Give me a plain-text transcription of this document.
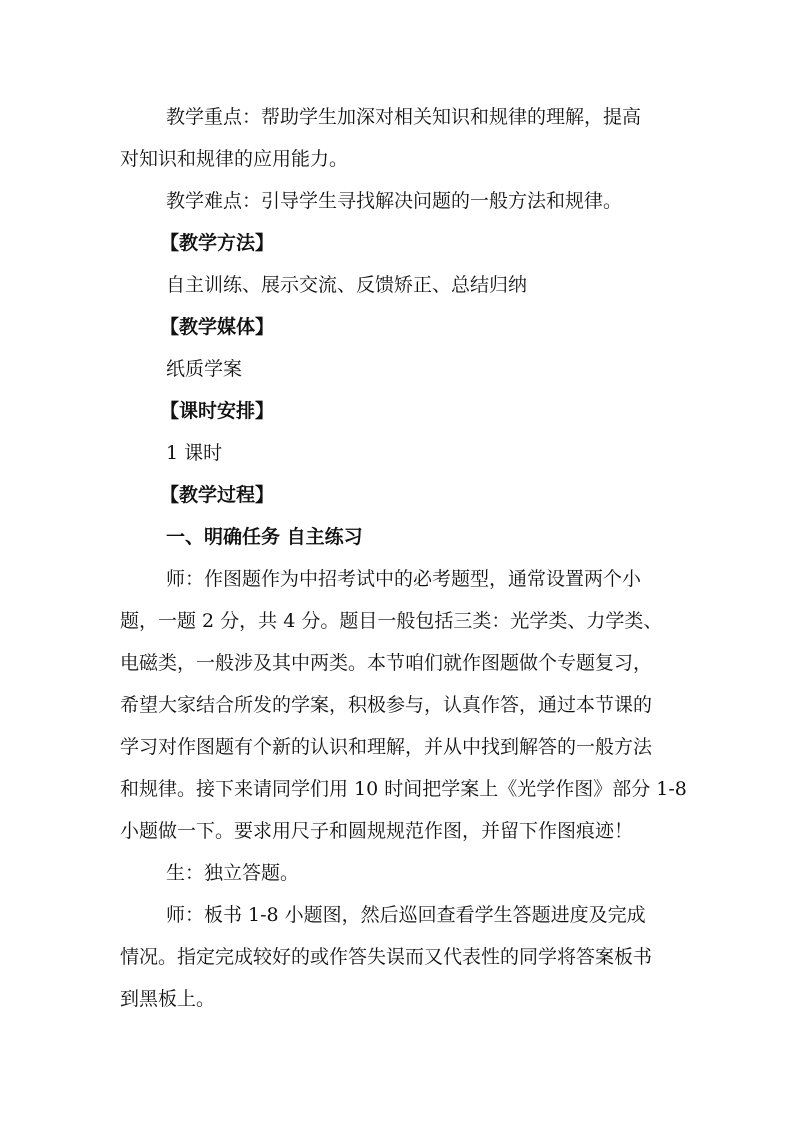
教学重点：帮助学生加深对相关知识和规律的理解，提高
对知识和规律的应用能力。
教学难点：引导学生寻找解决问题的一般方法和规律。
【教学方法】
自主训练、展示交流、反馈矫正、总结归纳
【教学媒体】
纸质学案
【课时安排】
1 课时
【教学过程】
一、明确任务 自主练习
师：作图题作为中招考试中的必考题型，通常设置两个小
题，一题 2 分，共 4 分。题目一般包括三类：光学类、力学类、
电磁类，一般涉及其中两类。本节咱们就作图题做个专题复习，
希望大家结合所发的学案，积极参与，认真作答，通过本节课的
学习对作图题有个新的认识和理解，并从中找到解答的一般方法
和规律。接下来请同学们用 10 时间把学案上《光学作图》部分 1-8
小题做一下。要求用尺子和圆规规范作图，并留下作图痕迹！
生：独立答题。
师：板书 1-8 小题图，然后巡回查看学生答题进度及完成
情况。指定完成较好的或作答失误而又代表性的同学将答案板书
到黑板上。
